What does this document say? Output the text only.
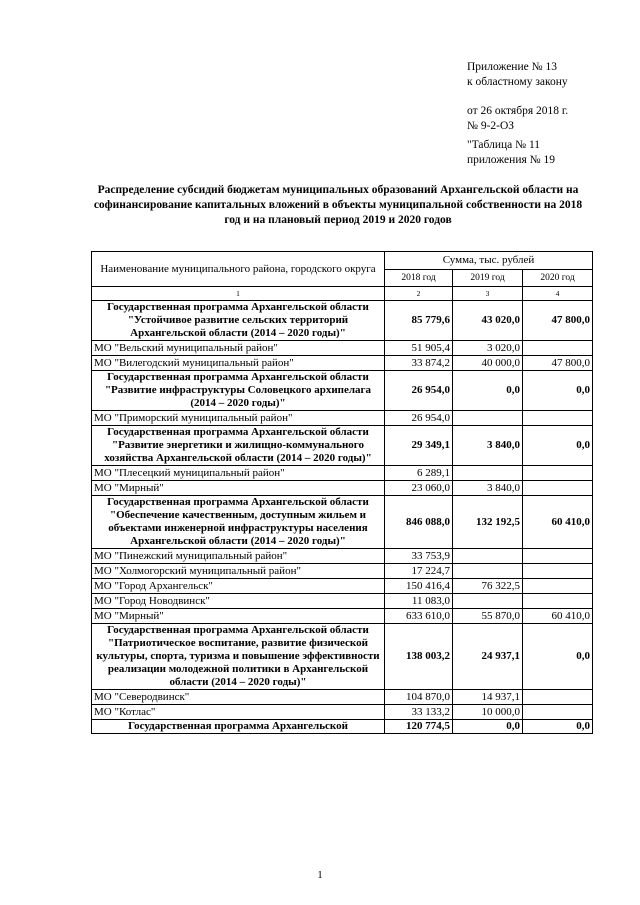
Приложение № 13
к областному закону
от 26 октября 2018 г.
№ 9-2-ОЗ
"Таблица № 11
приложения № 19
Распределение субсидий бюджетам муниципальных образований Архангельской области на софинансирование капитальных вложений в объекты муниципальной собственности на 2018 год и на плановый период 2019 и 2020 годов
Наименование муниципального района, городского округа	Сумма, тыс. рублей		
	2018 год	2019 год	2020 год
1	2	3	4
Государственная программа Архангельской области "Устойчивое развитие сельских территорий Архангельской области (2014 – 2020 годы)"	85 779,6	43 020,0	47 800,0
МО "Вельский муниципальный район"	51 905,4	3 020,0	
МО "Вилегодский муниципальный район"	33 874,2	40 000,0	47 800,0
Государственная программа Архангельской области "Развитие инфраструктуры Соловецкого архипелага (2014 – 2020 годы)"	26 954,0	0,0	0,0
МО "Приморский муниципальный район"	26 954,0		
Государственная программа Архангельской области "Развитие энергетики и жилищно-коммунального хозяйства Архангельской области (2014 – 2020 годы)"	29 349,1	3 840,0	0,0
МО "Плесецкий муниципальный район"	6 289,1		
МО "Мирный"	23 060,0	3 840,0	
Государственная программа Архангельской области "Обеспечение качественным, доступным жильем и объектами инженерной инфраструктуры населения Архангельской области (2014 – 2020 годы)"	846 088,0	132 192,5	60 410,0
МО "Пинежский муниципальный район"	33 753,9		
МО "Холмогорский муниципальный район"	17 224,7		
МО "Город Архангельск"	150 416,4	76 322,5	
МО "Город Новодвинск"	11 083,0		
МО "Мирный"	633 610,0	55 870,0	60 410,0
Государственная программа Архангельской области "Патриотическое воспитание, развитие физической культуры, спорта, туризма и повышение эффективности реализации молодежной политики в Архангельской области (2014 – 2020 годы)"	138 003,2	24 937,1	0,0
МО "Северодвинск"	104 870,0	14 937,1	
МО "Котлас"	33 133,2	10 000,0	
Государственная программа Архангельской	120 774,5	0,0	0,0
1
